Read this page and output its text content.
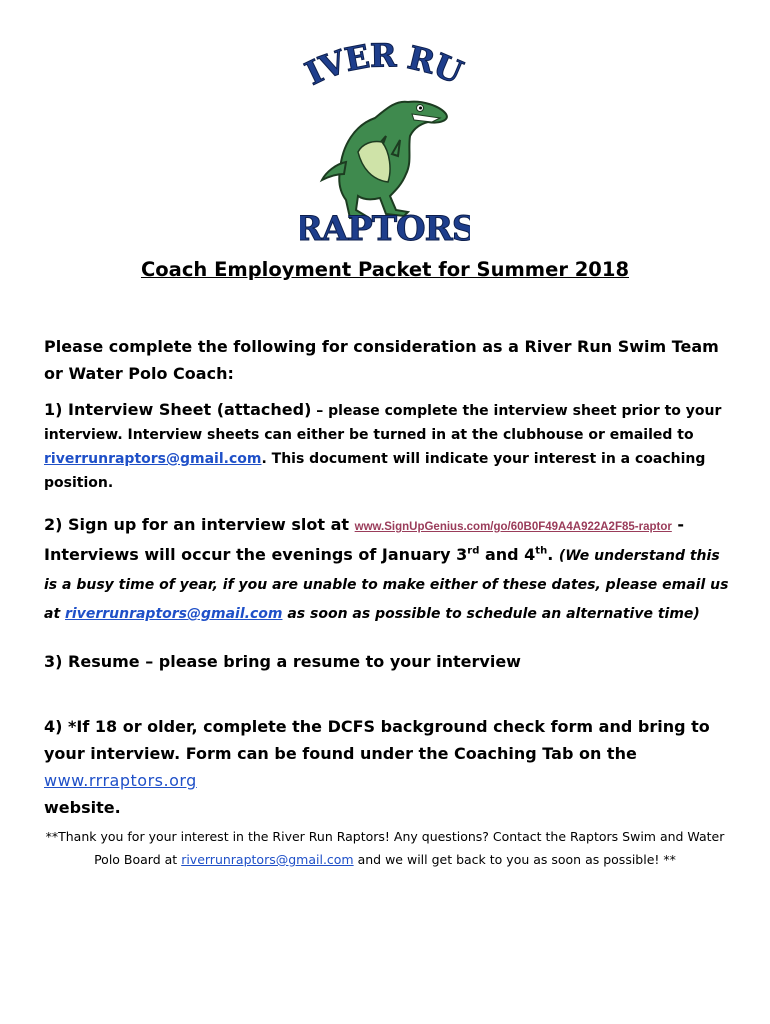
IVER RU
RAPTORS
Coach Employment Packet for Summer 2018
Please complete the following for consideration as a River Run Swim Team or Water Polo Coach:
1) Interview Sheet (attached) – please complete the interview sheet prior to your interview. Interview sheets can either be turned in at the clubhouse or emailed to riverrunraptors@gmail.com. This document will indicate your interest in a coaching position.
2) Sign up for an interview slot at www.SignUpGenius.com/go/60B0F49A4A922A2F85-raptor -
Interviews will occur the evenings of January 3rd and 4th. (We understand this is a busy time of year, if you are unable to make either of these dates, please email us at riverrunraptors@gmail.com as soon as possible to schedule an alternative time)
3) Resume – please bring a resume to your interview
4) *If 18 or older, complete the DCFS background check form and bring to your interview. Form can be found under the Coaching Tab on the www.rrraptors.org
website.
**Thank you for your interest in the River Run Raptors! Any questions? Contact the Raptors Swim and Water Polo Board at riverrunraptors@gmail.com and we will get back to you as soon as possible! **
